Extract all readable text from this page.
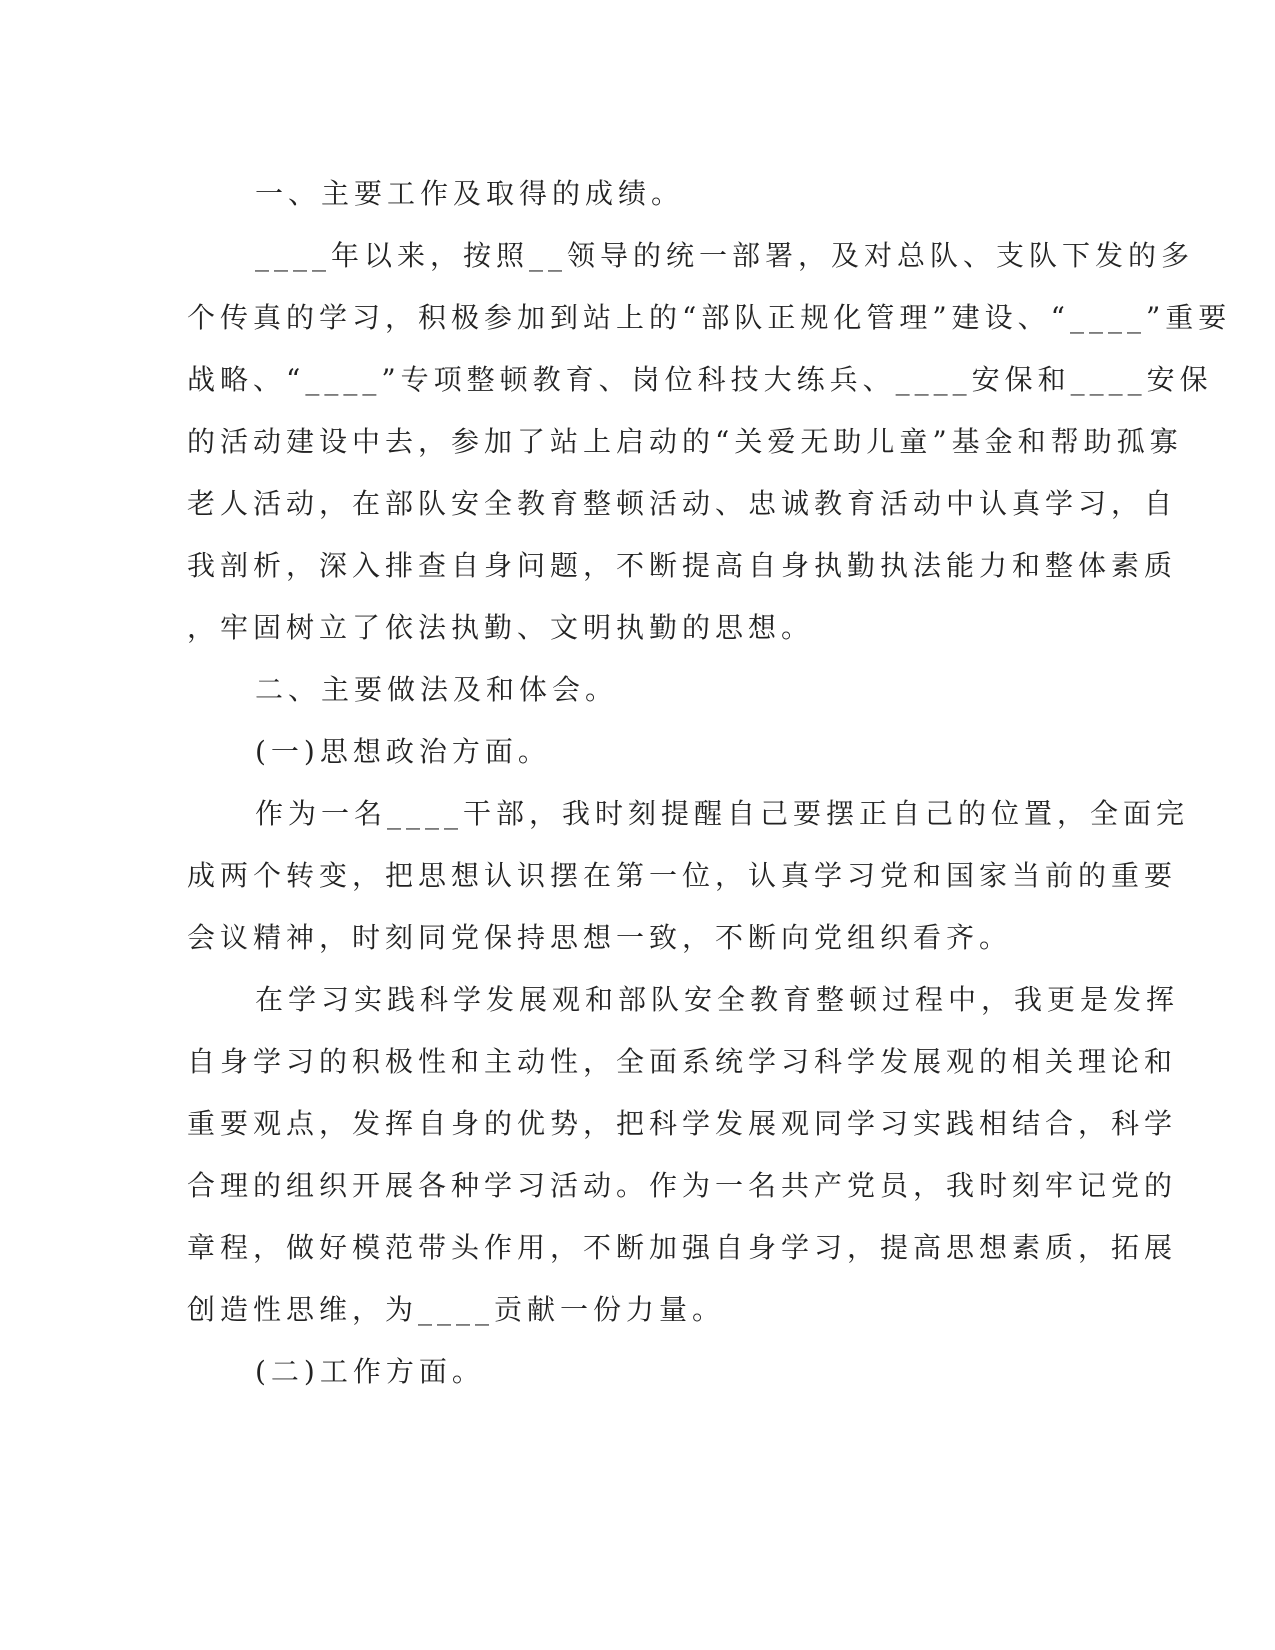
一、主要工作及取得的成绩。
____年以来，按照__领导的统一部署，及对总队、支队下发的多
个传真的学习，积极参加到站上的“部队正规化管理”建设、“____”重要
战略、“____”专项整顿教育、岗位科技大练兵、____安保和____安保
的活动建设中去，参加了站上启动的“关爱无助儿童”基金和帮助孤寡
老人活动，在部队安全教育整顿活动、忠诚教育活动中认真学习，自
我剖析，深入排查自身问题，不断提高自身执勤执法能力和整体素质
，牢固树立了依法执勤、文明执勤的思想。
二、主要做法及和体会。
(一)思想政治方面。
作为一名____干部，我时刻提醒自己要摆正自己的位置，全面完
成两个转变，把思想认识摆在第一位，认真学习党和国家当前的重要
会议精神，时刻同党保持思想一致，不断向党组织看齐。
在学习实践科学发展观和部队安全教育整顿过程中，我更是发挥
自身学习的积极性和主动性，全面系统学习科学发展观的相关理论和
重要观点，发挥自身的优势，把科学发展观同学习实践相结合，科学
合理的组织开展各种学习活动。作为一名共产党员，我时刻牢记党的
章程，做好模范带头作用，不断加强自身学习，提高思想素质，拓展
创造性思维，为____贡献一份力量。
(二)工作方面。
